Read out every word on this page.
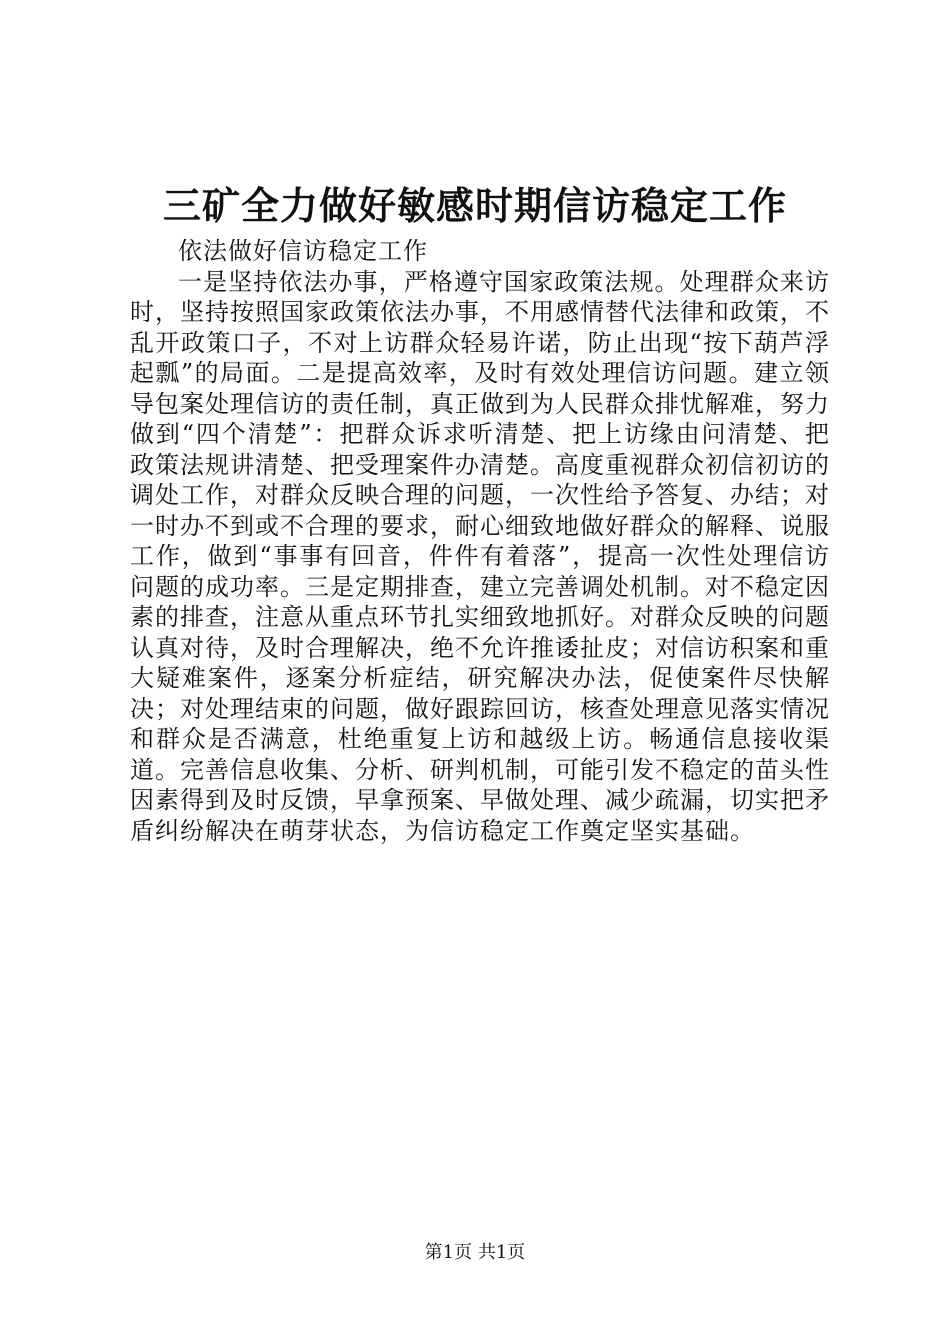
三矿全力做好敏感时期信访稳定工作

依法做好信访稳定工作

一是坚持依法办事，严格遵守国家政策法规。处理群众来访时，坚持按照国家政策依法办事，不用感情替代法律和政策，不乱开政策口子，不对上访群众轻易许诺，防止出现“按下葫芦浮起瓢”的局面。二是提高效率，及时有效处理信访问题。建立领导包案处理信访的责任制，真正做到为人民群众排忧解难，努力做到“四个清楚”：把群众诉求听清楚、把上访缘由问清楚、把政策法规讲清楚、把受理案件办清楚。高度重视群众初信初访的调处工作，对群众反映合理的问题，一次性给予答复、办结；对一时办不到或不合理的要求，耐心细致地做好群众的解释、说服工作，做到“事事有回音，件件有着落”，提高一次性处理信访问题的成功率。三是定期排查，建立完善调处机制。对不稳定因素的排查，注意从重点环节扎实细致地抓好。对群众反映的问题认真对待，及时合理解决，绝不允许推诿扯皮；对信访积案和重大疑难案件，逐案分析症结，研究解决办法，促使案件尽快解决；对处理结束的问题，做好跟踪回访，核查处理意见落实情况和群众是否满意，杜绝重复上访和越级上访。畅通信息接收渠道。完善信息收集、分析、研判机制，可能引发不稳定的苗头性因素得到及时反馈，早拿预案、早做处理、减少疏漏，切实把矛盾纠纷解决在萌芽状态，为信访稳定工作奠定坚实基础。

第1页 共1页
